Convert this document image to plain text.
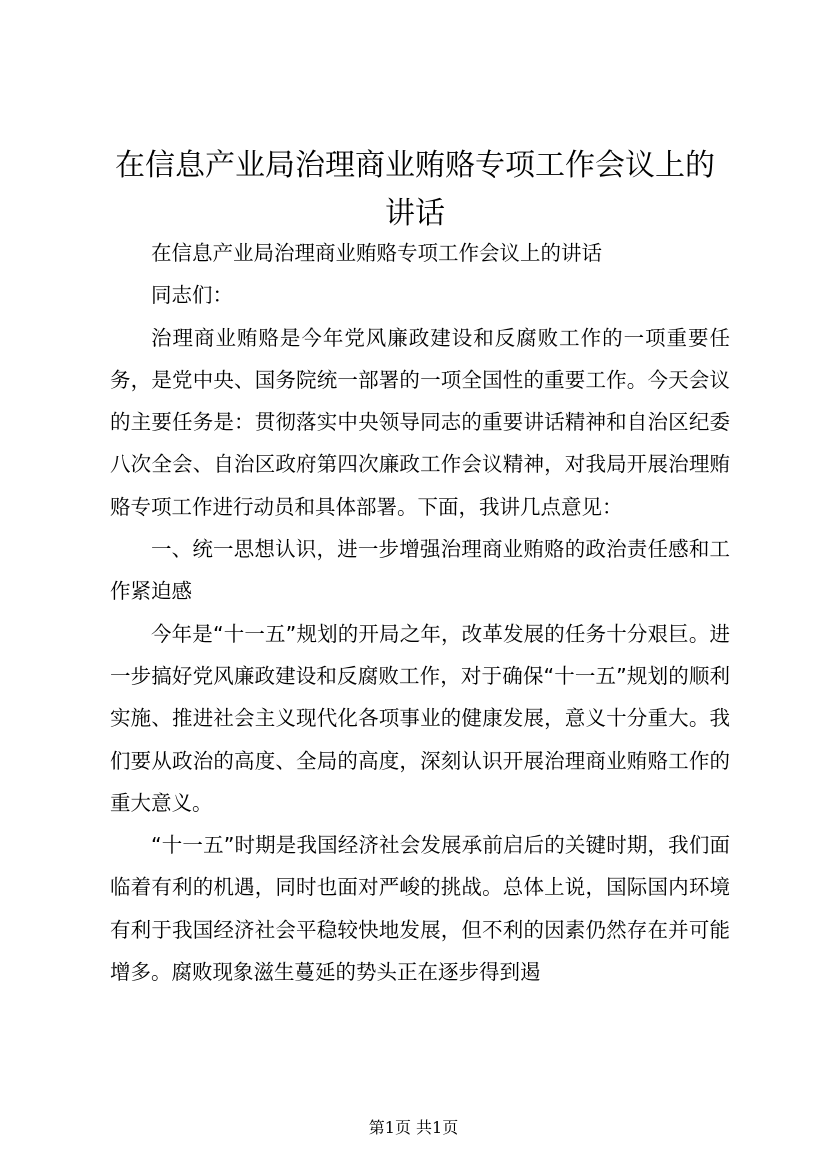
在信息产业局治理商业贿赂专项工作会议上的
讲话

在信息产业局治理商业贿赂专项工作会议上的讲话

同志们：

治理商业贿赂是今年党风廉政建设和反腐败工作的一项重要任务，是党中央、国务院统一部署的一项全国性的重要工作。今天会议的主要任务是：贯彻落实中央领导同志的重要讲话精神和自治区纪委八次全会、自治区政府第四次廉政工作会议精神，对我局开展治理贿赂专项工作进行动员和具体部署。下面，我讲几点意见：

一、统一思想认识，进一步增强治理商业贿赂的政治责任感和工作紧迫感

今年是“十一五”规划的开局之年，改革发展的任务十分艰巨。进一步搞好党风廉政建设和反腐败工作，对于确保“十一五”规划的顺利实施、推进社会主义现代化各项事业的健康发展，意义十分重大。我们要从政治的高度、全局的高度，深刻认识开展治理商业贿赂工作的重大意义。

“十一五”时期是我国经济社会发展承前启后的关键时期，我们面临着有利的机遇，同时也面对严峻的挑战。总体上说，国际国内环境有利于我国经济社会平稳较快地发展，但不利的因素仍然存在并可能增多。腐败现象滋生蔓延的势头正在逐步得到遏

第1页 共1页
